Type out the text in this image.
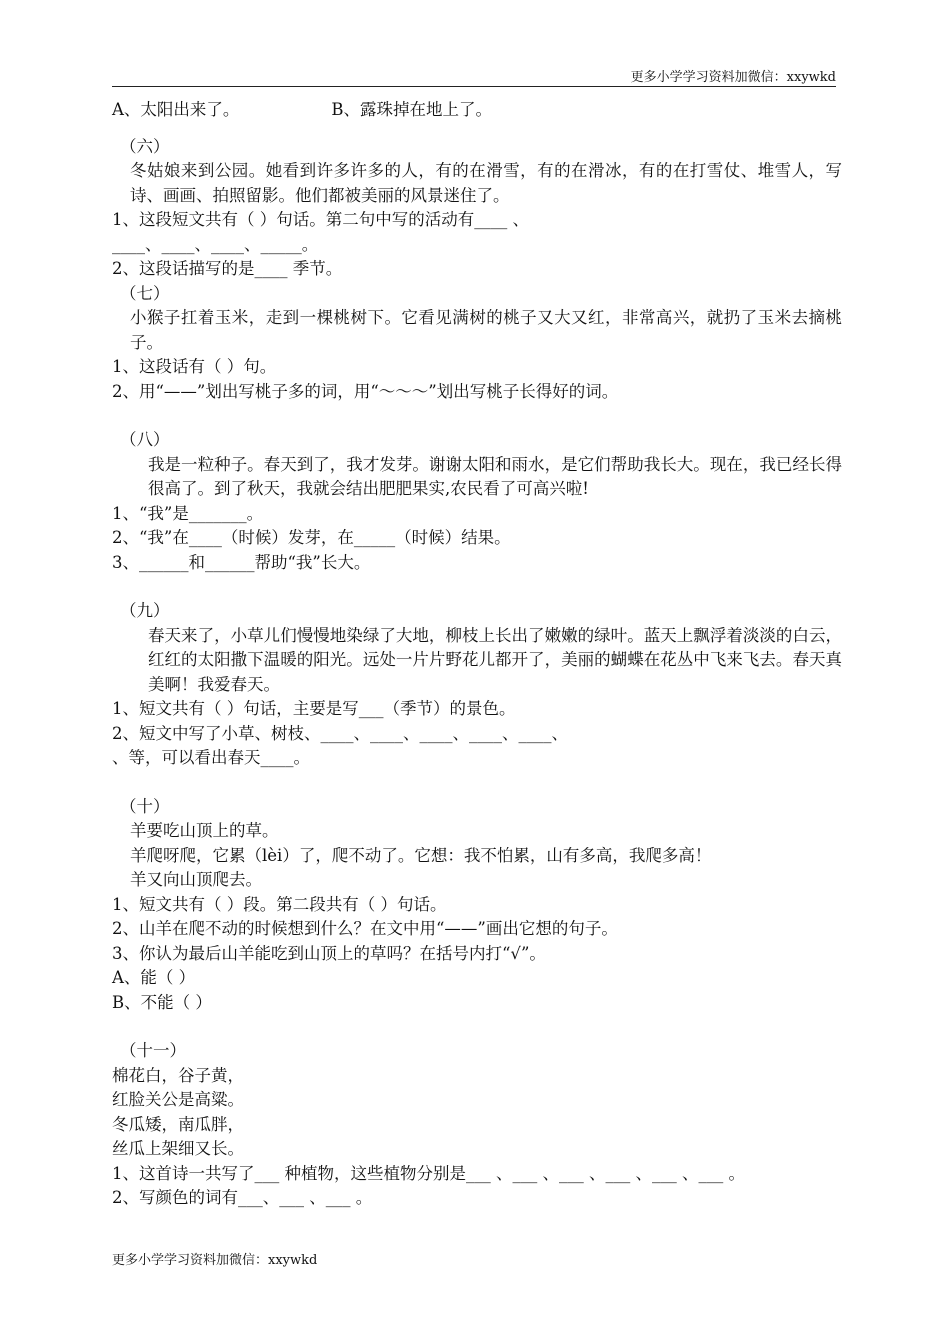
更多小学学习资料加微信：xxywkd
A、太阳出来了。	B、露珠掉在地上了。
（六）
冬姑娘来到公园。她看到许多许多的人，有的在滑雪，有的在滑冰，有的在打雪仗、堆雪人，写诗、画画、拍照留影。他们都被美丽的风景迷住了。
1、这段短文共有（ ）句话。第二句中写的活动有____ 、
____、____、____、_____。
2、这段话描写的是____ 季节。
（七）
小猴子扛着玉米，走到一棵桃树下。它看见满树的桃子又大又红，非常高兴，就扔了玉米去摘桃子。
1、这段话有（ ）句。
2、用“——”划出写桃子多的词，用“～～～”划出写桃子长得好的词。
（八）
我是一粒种子。春天到了，我才发芽。谢谢太阳和雨水，是它们帮助我长大。现在，我已经长得很高了。到了秋天，我就会结出肥肥果实,农民看了可高兴啦!
1、“我”是_______。
2、“我”在____（时候）发芽，在_____（时候）结果。
3、______和______帮助“我”长大。
（九）
春天来了，小草儿们慢慢地染绿了大地，柳枝上长出了嫩嫩的绿叶。蓝天上飘浮着淡淡的白云，红红的太阳撒下温暖的阳光。远处一片片野花儿都开了，美丽的蝴蝶在花丛中飞来飞去。春天真美啊！我爱春天。
1、短文共有（ ）句话，主要是写___（季节）的景色。
2、短文中写了小草、树枝、____、____、____、____、____、
、等，可以看出春天____。
（十）
羊要吃山顶上的草。
羊爬呀爬，它累（lèi）了，爬不动了。它想：我不怕累，山有多高，我爬多高！
羊又向山顶爬去。
1、短文共有（ ）段。第二段共有（ ）句话。
2、山羊在爬不动的时候想到什么？在文中用“——”画出它想的句子。
3、你认为最后山羊能吃到山顶上的草吗？在括号内打“√”。
A、能（ ）
B、不能（ ）
（十一）
棉花白，谷子黄，
红脸关公是高粱。
冬瓜矮，南瓜胖，
丝瓜上架细又长。
1、这首诗一共写了___ 种植物，这些植物分别是___ 、___ 、___ 、___ 、___ 、___ 。
2、写颜色的词有___、___ 、___ 。
更多小学学习资料加微信：xxywkd
